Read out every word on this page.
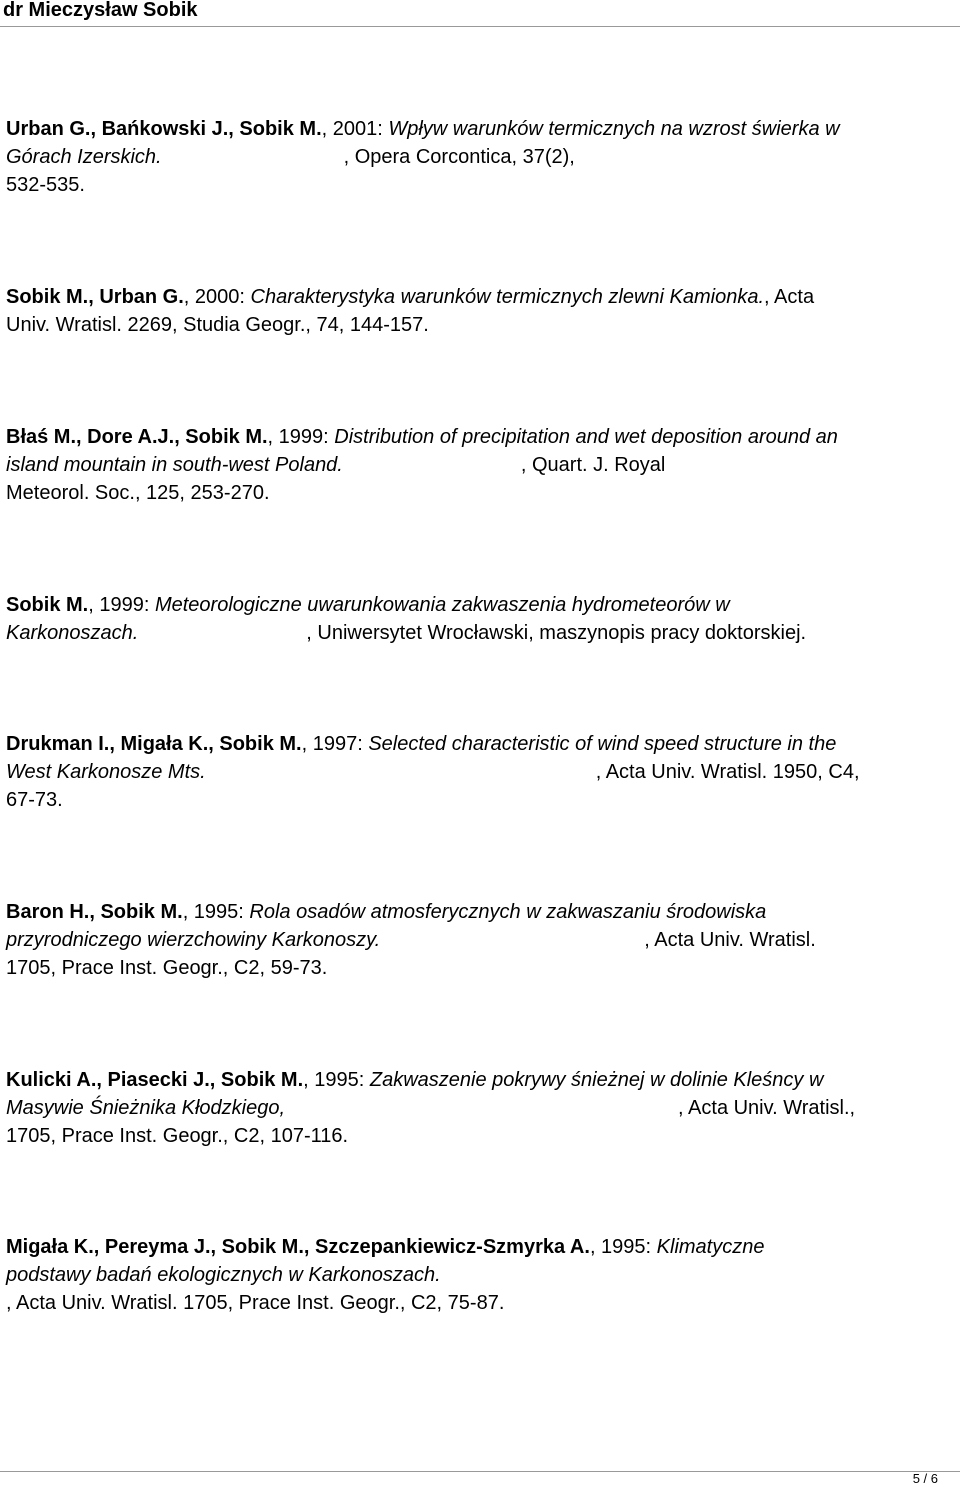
dr Mieczysław Sobik
Urban G., Bańkowski J., Sobik M., 2001: Wpływ warunków termicznych na wzrost świerka w
Górach Izerskich.	, Opera Corcontica, 37(2),
532-535.
Sobik M., Urban G., 2000: Charakterystyka warunków termicznych zlewni Kamionka., Acta
Univ. Wratisl. 2269, Studia Geogr., 74, 144-157.
Błaś M., Dore A.J., Sobik M., 1999: Distribution of precipitation and wet deposition around an
island mountain in south-west Poland.	, Quart. J. Royal
Meteorol. Soc., 125, 253-270.
Sobik M., 1999: Meteorologiczne uwarunkowania zakwaszenia hydrometeorów w
Karkonoszach.	, Uniwersytet Wrocławski, maszynopis pracy doktorskiej.
Drukman I., Migała K., Sobik M., 1997: Selected characteristic of wind speed structure in the
West Karkonosze Mts.	, Acta Univ. Wratisl. 1950, C4,
67-73.
Baron H., Sobik M., 1995: Rola osadów atmosferycznych w zakwaszaniu środowiska
przyrodniczego wierzchowiny Karkonoszy.	, Acta Univ. Wratisl.
1705, Prace Inst. Geogr., C2, 59-73.
Kulicki A., Piasecki J., Sobik M., 1995: Zakwaszenie pokrywy śnieżnej w dolinie Kleśncy w
Masywie Śnieżnika Kłodzkiego,	, Acta Univ. Wratisl.,
1705, Prace Inst. Geogr., C2, 107-116.
Migała K., Pereyma J., Sobik M., Szczepankiewicz-Szmyrka A., 1995: Klimatyczne
podstawy badań ekologicznych w Karkonoszach.
, Acta Univ. Wratisl. 1705, Prace Inst. Geogr., C2, 75-87.
5 / 6
